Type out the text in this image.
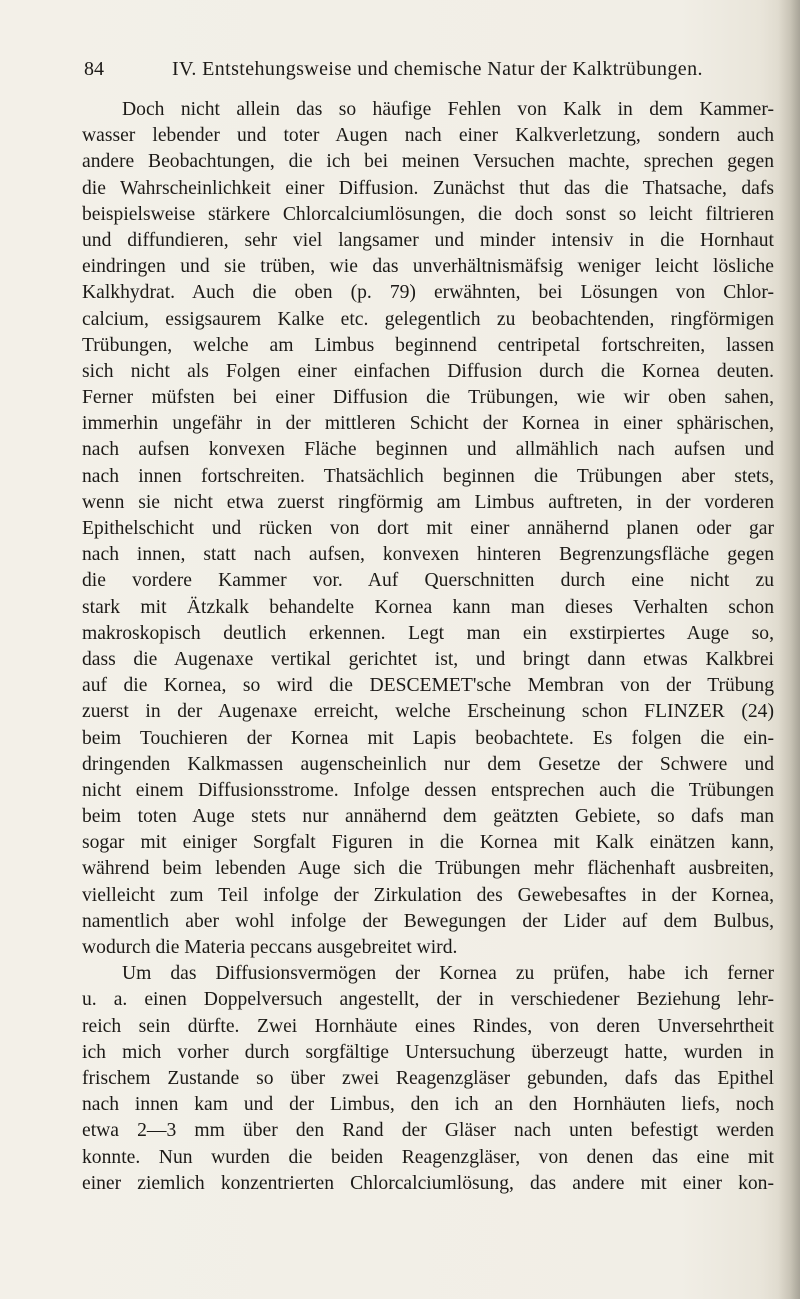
84	IV. Entstehungsweise und chemische Natur der Kalktrübungen.
Doch nicht allein das so häufige Fehlen von Kalk in dem Kammer-
wasser lebender und toter Augen nach einer Kalkverletzung, sondern auch
andere Beobachtungen, die ich bei meinen Versuchen machte, sprechen gegen
die Wahrscheinlichkeit einer Diffusion. Zunächst thut das die Thatsache, dafs
beispielsweise stärkere Chlorcalciumlösungen, die doch sonst so leicht filtrieren
und diffundieren, sehr viel langsamer und minder intensiv in die Hornhaut
eindringen und sie trüben, wie das unverhältnismäfsig weniger leicht lösliche
Kalkhydrat. Auch die oben (p. 79) erwähnten, bei Lösungen von Chlor-
calcium, essigsaurem Kalke etc. gelegentlich zu beobachtenden, ringförmigen
Trübungen, welche am Limbus beginnend centripetal fortschreiten, lassen
sich nicht als Folgen einer einfachen Diffusion durch die Kornea deuten.
Ferner müfsten bei einer Diffusion die Trübungen, wie wir oben sahen,
immerhin ungefähr in der mittleren Schicht der Kornea in einer sphärischen,
nach aufsen konvexen Fläche beginnen und allmählich nach aufsen und
nach innen fortschreiten. Thatsächlich beginnen die Trübungen aber stets,
wenn sie nicht etwa zuerst ringförmig am Limbus auftreten, in der vorderen
Epithelschicht und rücken von dort mit einer annähernd planen oder gar
nach innen, statt nach aufsen, konvexen hinteren Begrenzungsfläche gegen
die vordere Kammer vor. Auf Querschnitten durch eine nicht zu
stark mit Ätzkalk behandelte Kornea kann man dieses Verhalten schon
makroskopisch deutlich erkennen. Legt man ein exstirpiertes Auge so,
dass die Augenaxe vertikal gerichtet ist, und bringt dann etwas Kalkbrei
auf die Kornea, so wird die DESCEMET'sche Membran von der Trübung
zuerst in der Augenaxe erreicht, welche Erscheinung schon FLINZER (24)
beim Touchieren der Kornea mit Lapis beobachtete. Es folgen die ein-
dringenden Kalkmassen augenscheinlich nur dem Gesetze der Schwere und
nicht einem Diffusionsstrome. Infolge dessen entsprechen auch die Trübungen
beim toten Auge stets nur annähernd dem geätzten Gebiete, so dafs man
sogar mit einiger Sorgfalt Figuren in die Kornea mit Kalk einätzen kann,
während beim lebenden Auge sich die Trübungen mehr flächenhaft ausbreiten,
vielleicht zum Teil infolge der Zirkulation des Gewebesaftes in der Kornea,
namentlich aber wohl infolge der Bewegungen der Lider auf dem Bulbus,
wodurch die Materia peccans ausgebreitet wird.
Um das Diffusionsvermögen der Kornea zu prüfen, habe ich ferner
u. a. einen Doppelversuch angestellt, der in verschiedener Beziehung lehr-
reich sein dürfte. Zwei Hornhäute eines Rindes, von deren Unversehrtheit
ich mich vorher durch sorgfältige Untersuchung überzeugt hatte, wurden in
frischem Zustande so über zwei Reagenzgläser gebunden, dafs das Epithel
nach innen kam und der Limbus, den ich an den Hornhäuten liefs, noch
etwa 2—3 mm über den Rand der Gläser nach unten befestigt werden
konnte. Nun wurden die beiden Reagenzgläser, von denen das eine mit
einer ziemlich konzentrierten Chlorcalciumlösung, das andere mit einer kon-
